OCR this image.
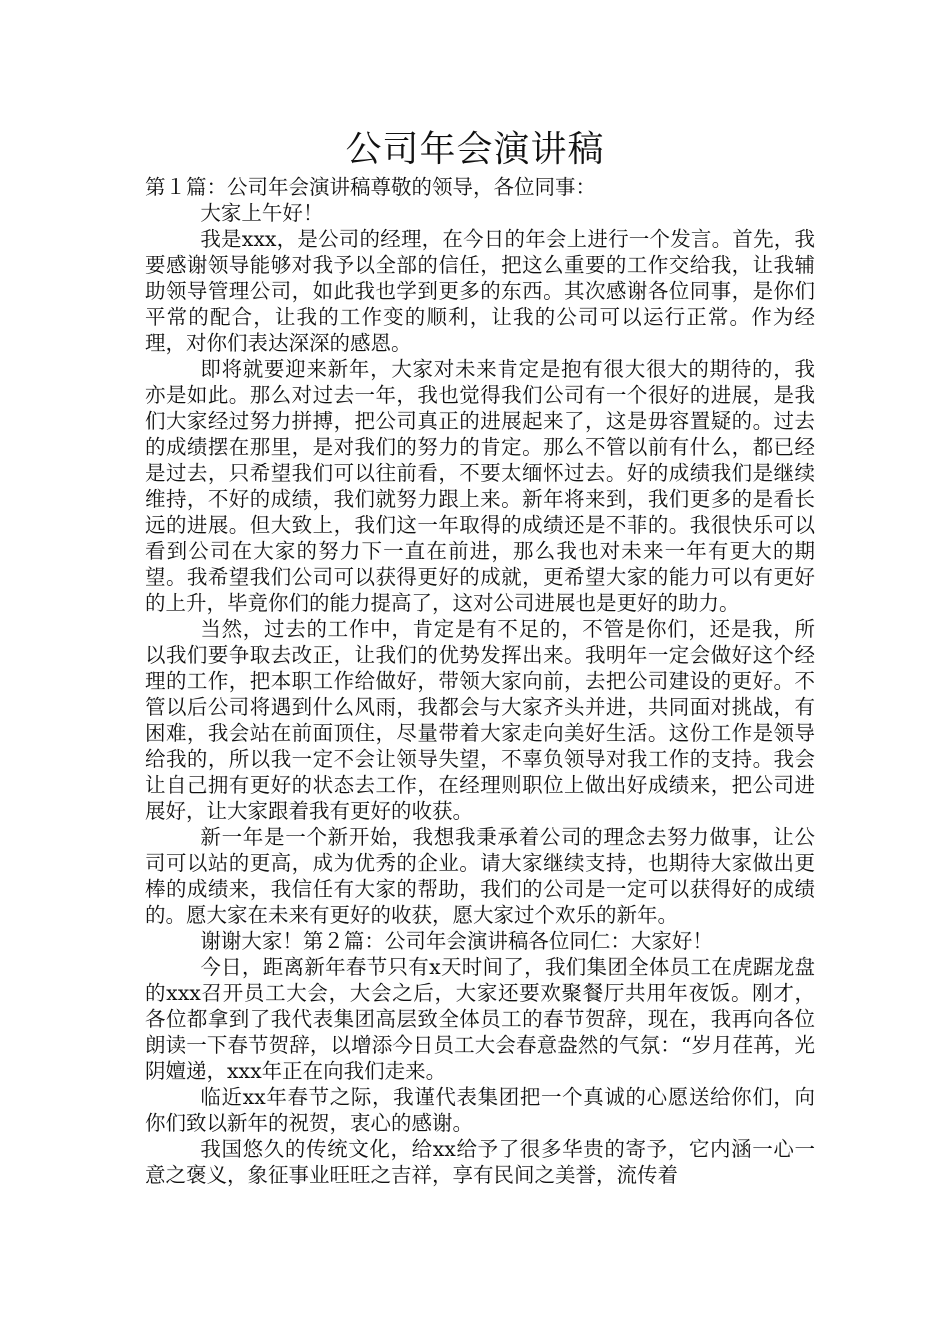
公司年会演讲稿

第１篇：公司年会演讲稿尊敬的领导，各位同事：

大家上午好！

我是xxx，是公司的经理，在今日的年会上进行一个发言。首先，我要感谢领导能够对我予以全部的信任，把这么重要的工作交给我，让我辅助领导管理公司，如此我也学到更多的东西。其次感谢各位同事，是你们平常的配合，让我的工作变的顺利，让我的公司可以运行正常。作为经理，对你们表达深深的感恩。

即将就要迎来新年，大家对未来肯定是抱有很大很大的期待的，我亦是如此。那么对过去一年，我也觉得我们公司有一个很好的进展，是我们大家经过努力拼搏，把公司真正的进展起来了，这是毋容置疑的。过去的成绩摆在那里，是对我们的努力的肯定。那么不管以前有什么，都已经是过去，只希望我们可以往前看，不要太缅怀过去。好的成绩我们是继续维持，不好的成绩，我们就努力跟上来。新年将来到，我们更多的是看长远的进展。但大致上，我们这一年取得的成绩还是不菲的。我很快乐可以看到公司在大家的努力下一直在前进，那么我也对未来一年有更大的期望。我希望我们公司可以获得更好的成就，更希望大家的能力可以有更好的上升，毕竟你们的能力提高了，这对公司进展也是更好的助力。

当然，过去的工作中，肯定是有不足的，不管是你们，还是我，所以我们要争取去改正，让我们的优势发挥出来。我明年一定会做好这个经理的工作，把本职工作给做好，带领大家向前，去把公司建设的更好。不管以后公司将遇到什么风雨，我都会与大家齐头并进，共同面对挑战，有困难，我会站在前面顶住，尽量带着大家走向美好生活。这份工作是领导给我的，所以我一定不会让领导失望，不辜负领导对我工作的支持。我会让自己拥有更好的状态去工作，在经理则职位上做出好成绩来，把公司进展好，让大家跟着我有更好的收获。

新一年是一个新开始，我想我秉承着公司的理念去努力做事，让公司可以站的更高，成为优秀的企业。请大家继续支持，也期待大家做出更棒的成绩来，我信任有大家的帮助，我们的公司是一定可以获得好的成绩的。愿大家在未来有更好的收获，愿大家过个欢乐的新年。

谢谢大家！第２篇：公司年会演讲稿各位同仁：大家好！

今日，距离新年春节只有x天时间了，我们集团全体员工在虎踞龙盘的xxx召开员工大会，大会之后，大家还要欢聚餐厅共用年夜饭。刚才，各位都拿到了我代表集团高层致全体员工的春节贺辞，现在，我再向各位朗读一下春节贺辞，以增添今日员工大会春意盎然的气氛：“岁月荏苒，光阴嬗递，xxx年正在向我们走来。

临近xx年春节之际，我谨代表集团把一个真诚的心愿送给你们，向你们致以新年的祝贺，衷心的感谢。

我国悠久的传统文化，给xx给予了很多华贵的寄予，它内涵一心一意之褒义，象征事业旺旺之吉祥，享有民间之美誉，流传着
